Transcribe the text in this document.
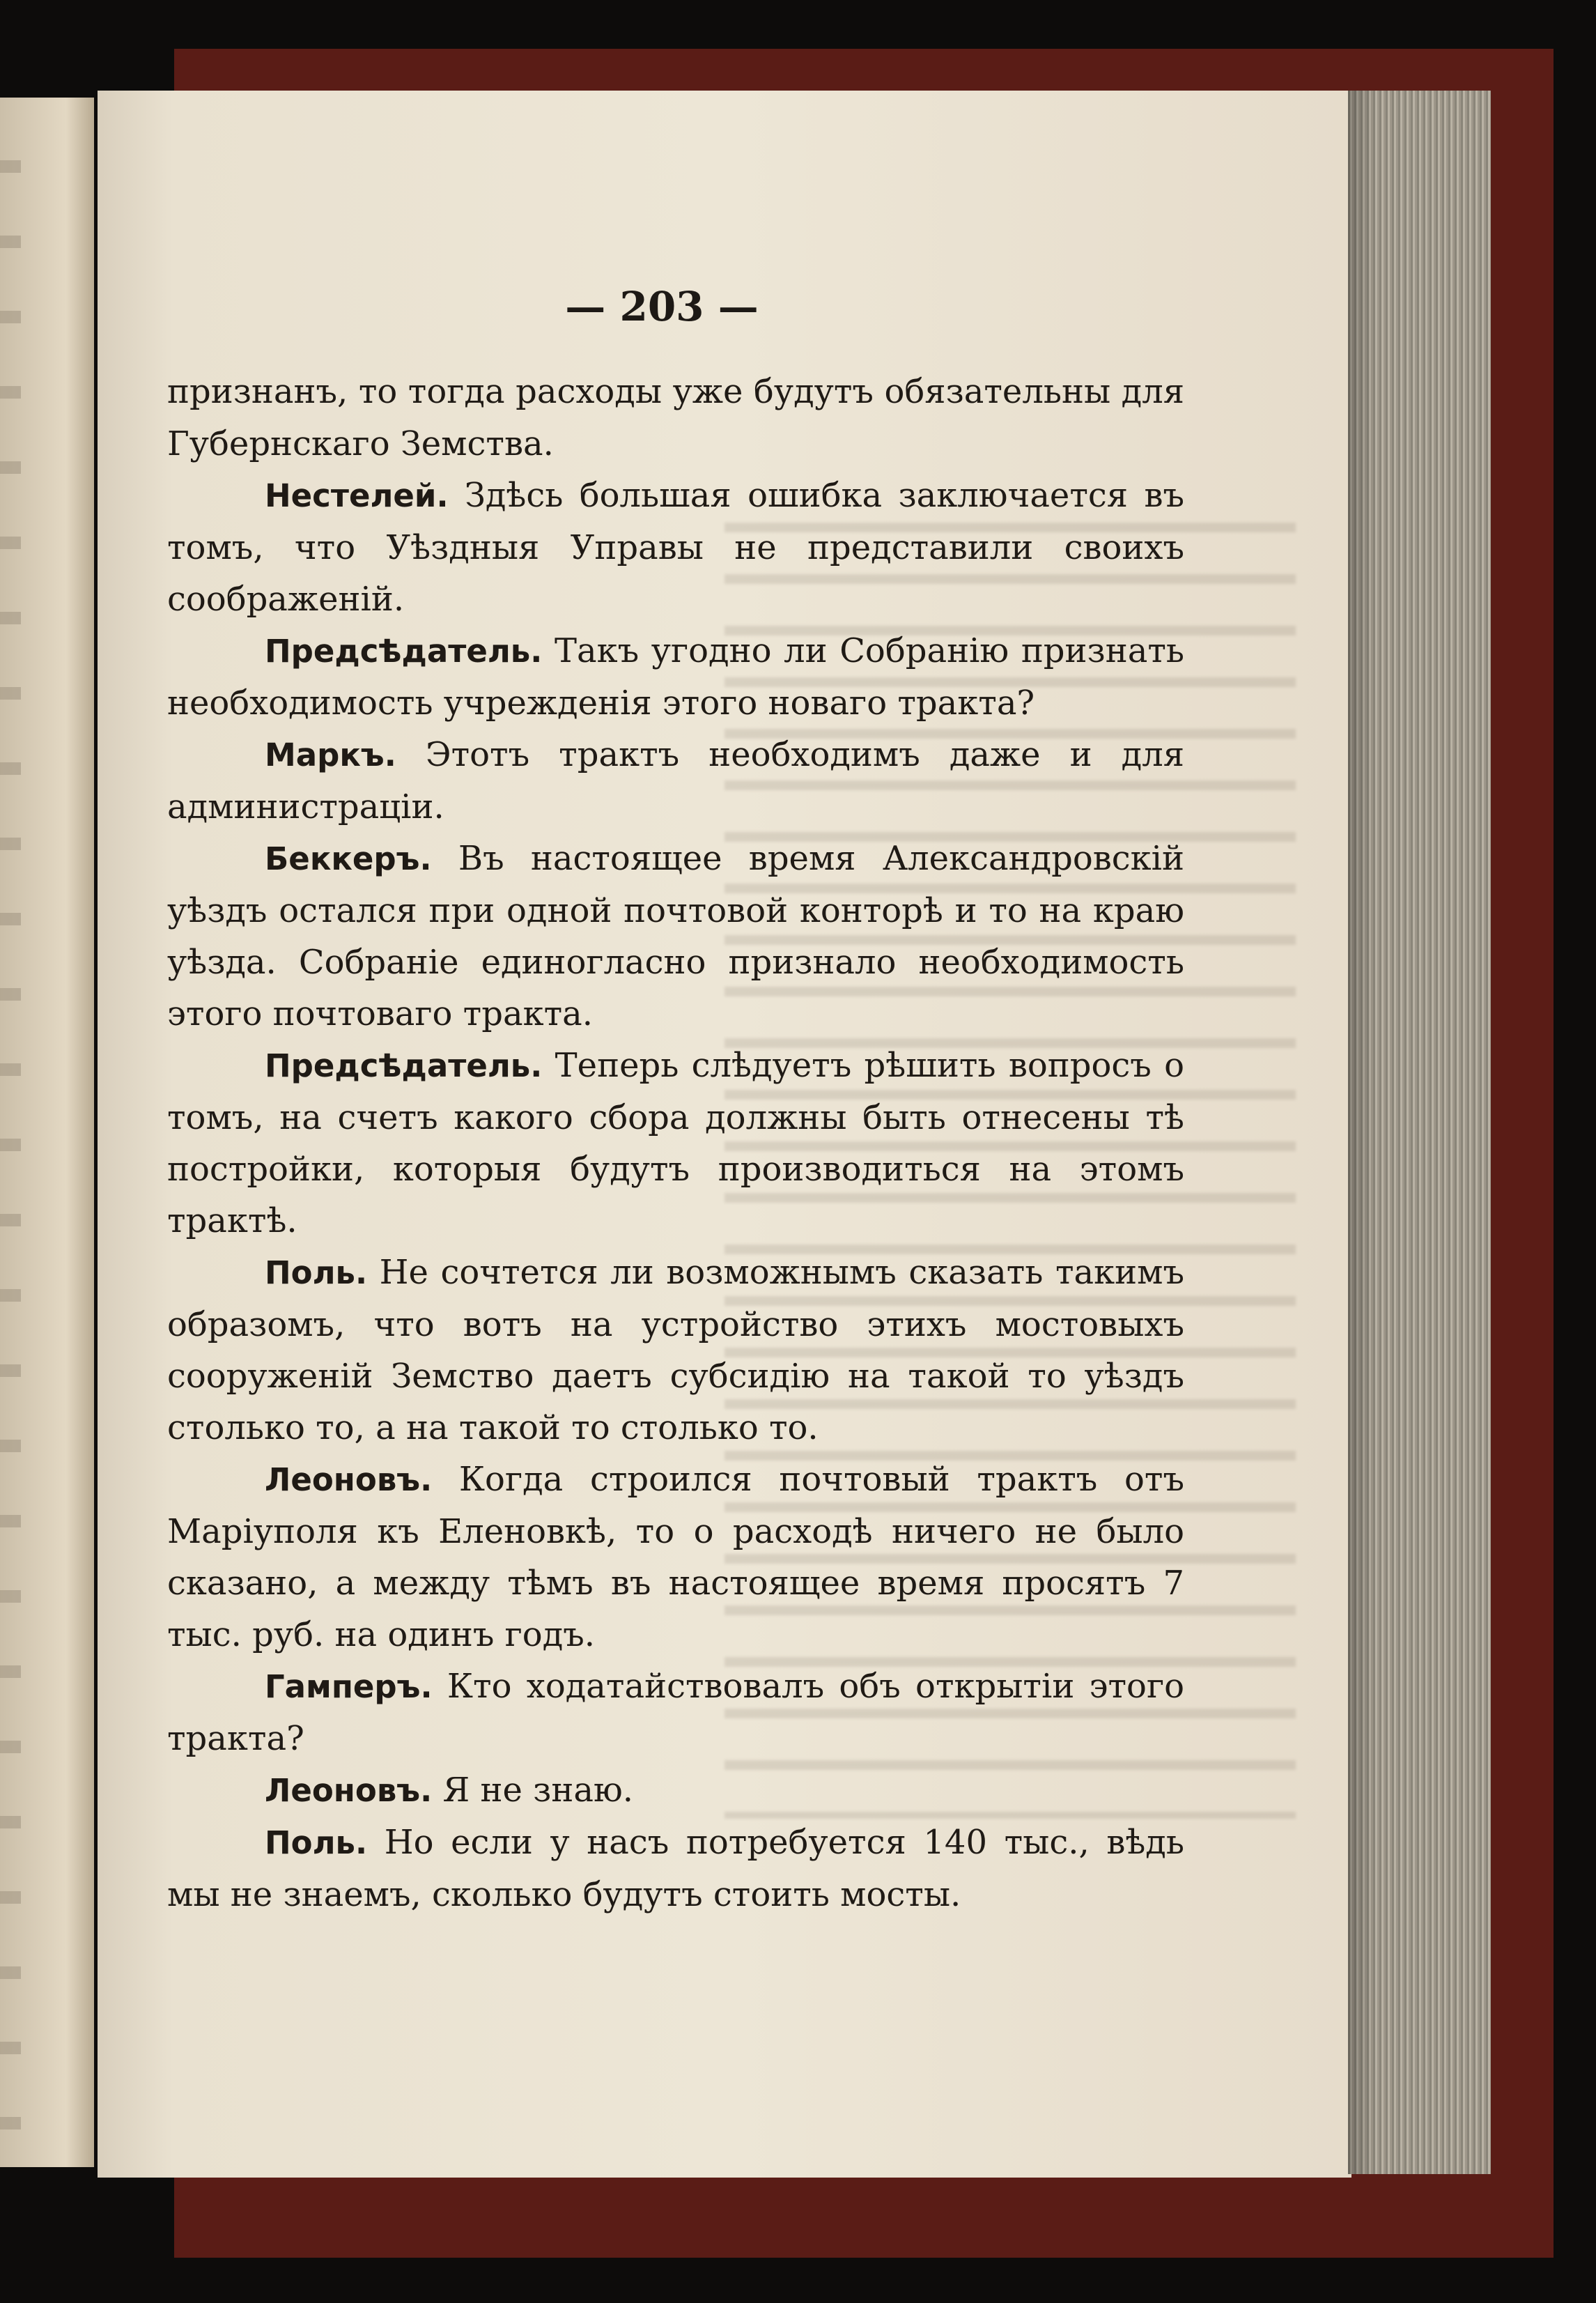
— 203 —

признанъ, то тогда расходы уже будутъ обязательны для Губернскаго Земства.

Нестелей. Здѣсь большая ошибка заключается въ томъ, что Уѣздныя Управы не представили своихъ соображеній.

Предсѣдатель. Такъ угодно ли Собранію признать необходимость учрежденія этого новаго тракта?

Маркъ. Этотъ трактъ необходимъ даже и для администраціи.

Беккеръ. Въ настоящее время Александровскій уѣздъ остался при одной почтовой конторѣ и то на краю уѣзда. Собраніе единогласно признало необходимость этого почтоваго тракта.

Предсѣдатель. Теперь слѣдуетъ рѣшить вопросъ о томъ, на счетъ какого сбора должны быть отнесены тѣ постройки, которыя будутъ производиться на этомъ трактѣ.

Поль. Не сочтется ли возможнымъ сказать такимъ образомъ, что вотъ на устройство этихъ мостовыхъ сооруженій Земство даетъ субсидію на такой то уѣздъ столько то, а на такой то столько то.

Леоновъ. Когда строился почтовый трактъ отъ Маріуполя къ Еленовкѣ, то о расходѣ ничего не было сказано, а между тѣмъ въ настоящее время просятъ 7 тыс. руб. на одинъ годъ.

Гамперъ. Кто ходатайствовалъ объ открытіи этого тракта?

Леоновъ. Я не знаю.

Поль. Но если у насъ потребуется 140 тыс., вѣдь мы не знаемъ, сколько будутъ стоить мосты.
